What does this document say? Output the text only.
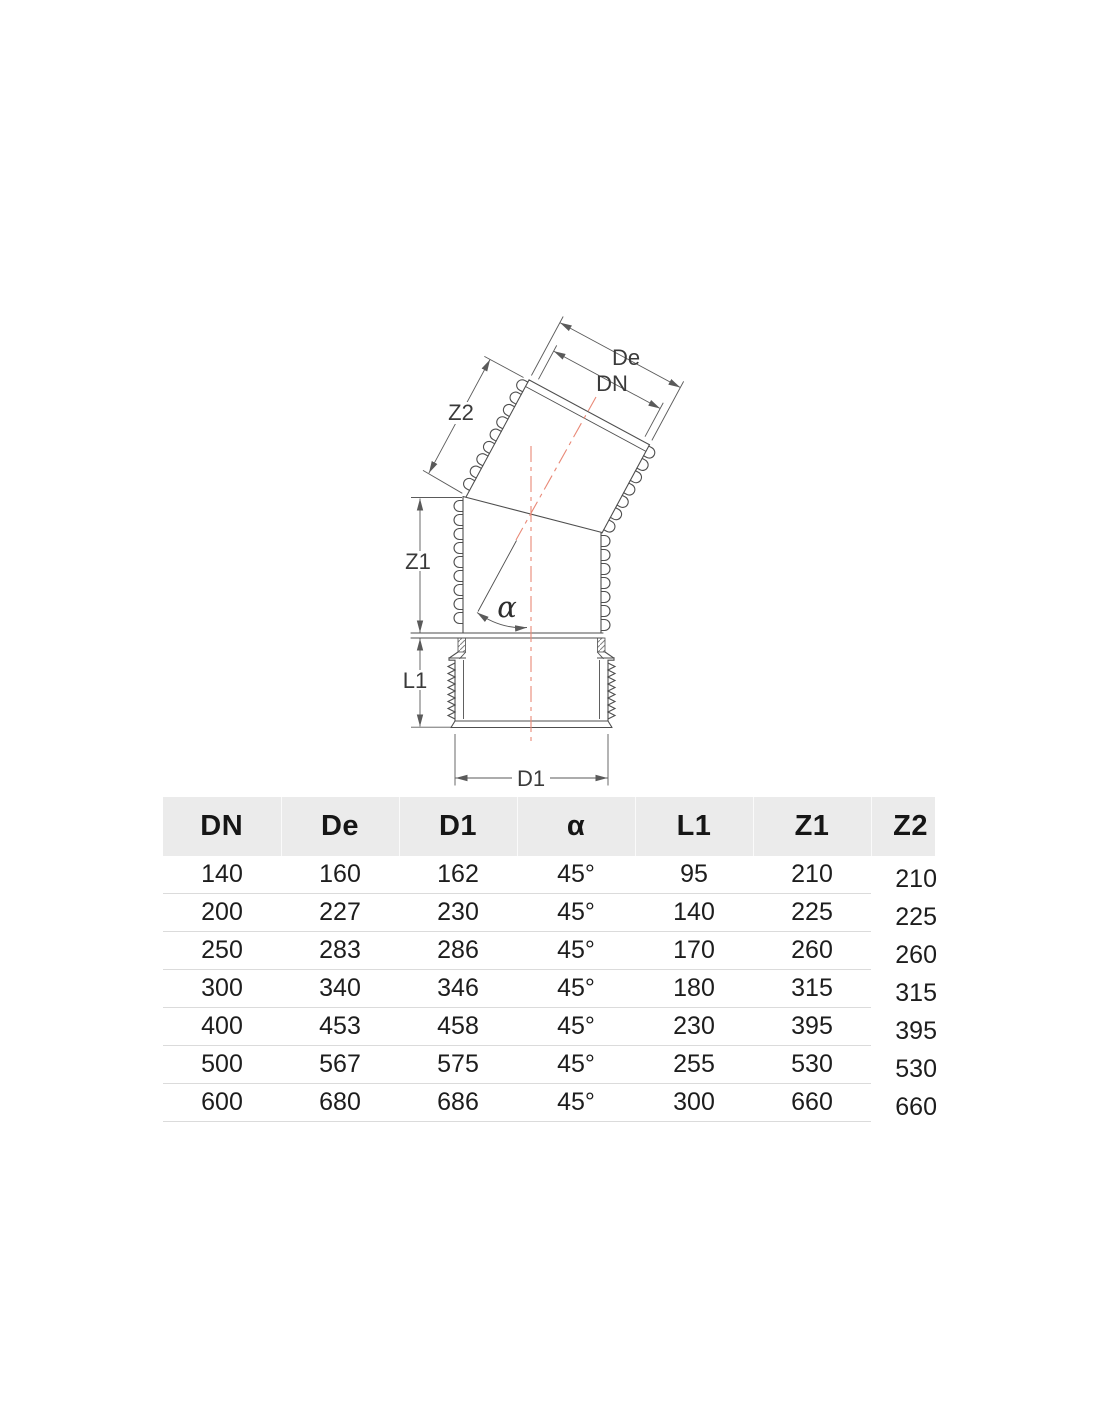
De
DN
Z2
Z1
L1
D1
α
DN	De	D1	α	L1	Z1	Z2
140	160	162	45°	95	210	210
200	227	230	45°	140	225	225
250	283	286	45°	170	260	260
300	340	346	45°	180	315	315
400	453	458	45°	230	395	395
500	567	575	45°	255	530	530
600	680	686	45°	300	660	660
